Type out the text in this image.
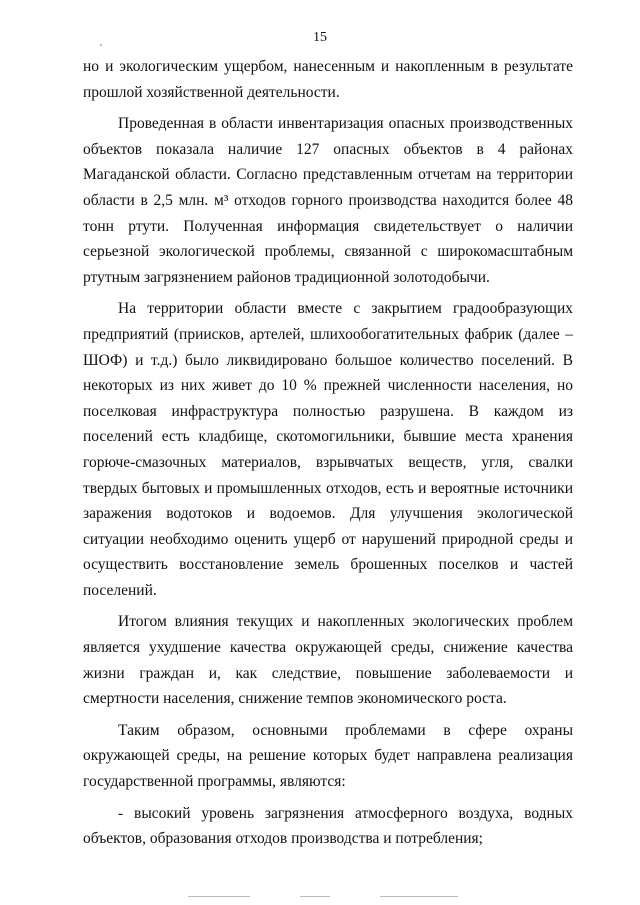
15

но и экологическим ущербом, нанесенным и накопленным в результате прошлой хозяйственной деятельности.

Проведенная в области инвентаризация опасных производственных объектов показала наличие 127 опасных объектов в 4 районах Магаданской области. Согласно представленным отчетам на территории области в 2,5 млн. м³ отходов горного производства находится более 48 тонн ртути. Полученная информация свидетельствует о наличии серьезной экологической проблемы, связанной с широкомасштабным ртутным загрязнением районов традиционной золотодобычи.

На территории области вместе с закрытием градообразующих предприятий (приисков, артелей, шлихообогатительных фабрик (далее – ШОФ) и т.д.) было ликвидировано большое количество поселений. В некоторых из них живет до 10 % прежней численности населения, но поселковая инфраструктура полностью разрушена. В каждом из поселений есть кладбище, скотомогильники, бывшие места хранения горюче-смазочных материалов, взрывчатых веществ, угля, свалки твердых бытовых и промышленных отходов, есть и вероятные источники заражения водотоков и водоемов. Для улучшения экологической ситуации необходимо оценить ущерб от нарушений природной среды и осуществить восстановление земель брошенных поселков и частей поселений.

Итогом влияния текущих и накопленных экологических проблем является ухудшение качества окружающей среды, снижение качества жизни граждан и, как следствие, повышение заболеваемости и смертности населения, снижение темпов экономического роста.

Таким образом, основными проблемами в сфере охраны окружающей среды, на решение которых будет направлена реализация государственной программы, являются:

- высокий уровень загрязнения атмосферного воздуха, водных объектов, образования отходов производства и потребления;
